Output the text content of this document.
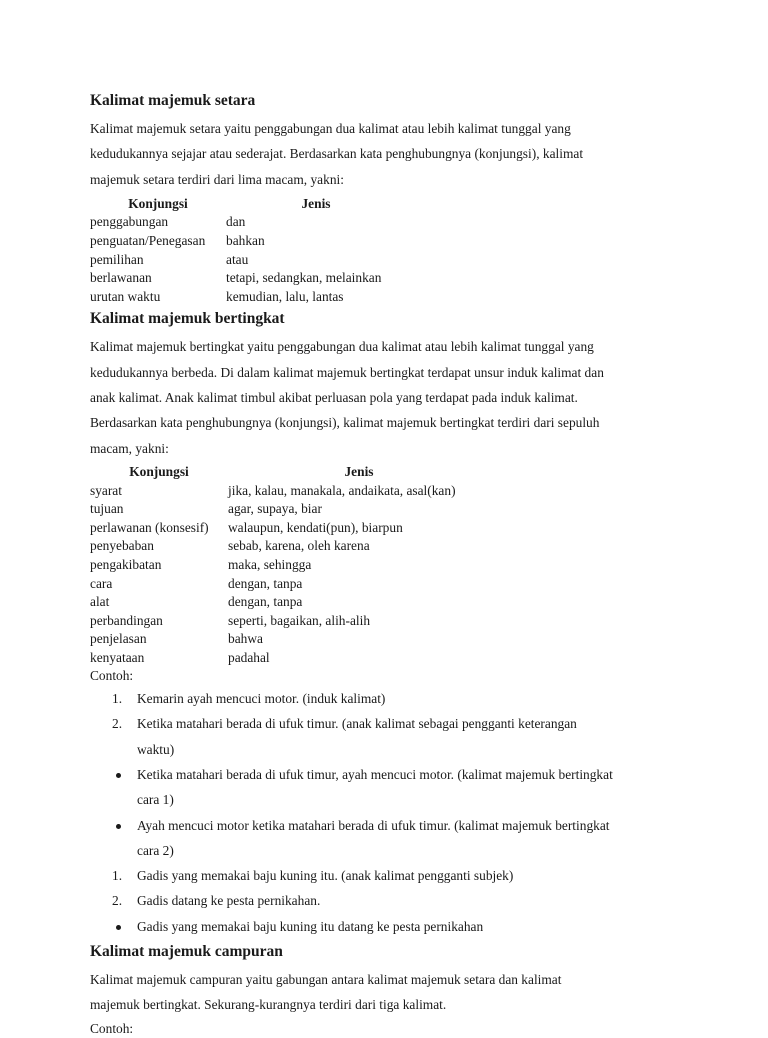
Kalimat majemuk setara

Kalimat majemuk setara yaitu penggabungan dua kalimat atau lebih kalimat tunggal yang
kedudukannya sejajar atau sederajat. Berdasarkan kata penghubungnya (konjungsi), kalimat
majemuk setara terdiri dari lima macam, yakni:

Konjungsi	Jenis
penggabungan	dan
penguatan/Penegasan	bahkan
pemilihan	atau
berlawanan	tetapi, sedangkan, melainkan
urutan waktu	kemudian, lalu, lantas
Kalimat majemuk bertingkat

Kalimat majemuk bertingkat yaitu penggabungan dua kalimat atau lebih kalimat tunggal yang
kedudukannya berbeda. Di dalam kalimat majemuk bertingkat terdapat unsur induk kalimat dan
anak kalimat. Anak kalimat timbul akibat perluasan pola yang terdapat pada induk kalimat.
Berdasarkan kata penghubungnya (konjungsi), kalimat majemuk bertingkat terdiri dari sepuluh
macam, yakni:

Konjungsi	Jenis
syarat	jika, kalau, manakala, andaikata, asal(kan)
tujuan	agar, supaya, biar
perlawanan (konsesif)	walaupun, kendati(pun), biarpun
penyebaban	sebab, karena, oleh karena
pengakibatan	maka, sehingga
cara	dengan, tanpa
alat	dengan, tanpa
perbandingan	seperti, bagaikan, alih-alih
penjelasan	bahwa
kenyataan	padahal

Contoh:

1.	Kemarin ayah mencuci motor. (induk kalimat)
2.	Ketika matahari berada di ufuk timur. (anak kalimat sebagai pengganti keterangan
waktu)
Ketika matahari berada di ufuk timur, ayah mencuci motor. (kalimat majemuk bertingkat
cara 1)
Ayah mencuci motor ketika matahari berada di ufuk timur. (kalimat majemuk bertingkat
cara 2)
1.	Gadis yang memakai baju kuning itu. (anak kalimat pengganti subjek)
2.	Gadis datang ke pesta pernikahan.
Gadis yang memakai baju kuning itu datang ke pesta pernikahan
Kalimat majemuk campuran

Kalimat majemuk campuran yaitu gabungan antara kalimat majemuk setara dan kalimat
majemuk bertingkat. Sekurang-kurangnya terdiri dari tiga kalimat.

Contoh:
